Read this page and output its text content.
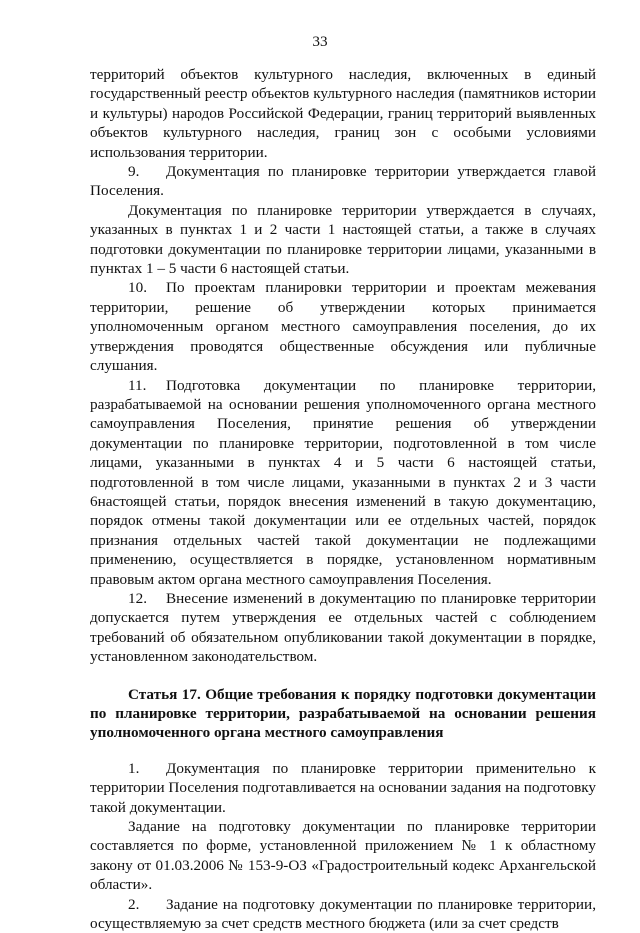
33

территорий объектов культурного наследия, включенных в единый государственный реестр объектов культурного наследия (памятников истории и культуры) народов Российской Федерации, границ территорий выявленных объектов культурного наследия, границ зон с особыми условиями использования территории.

9. Документация по планировке территории утверждается главой Поселения.

Документация по планировке территории утверждается в случаях, указанных в пунктах 1 и 2 части 1 настоящей статьи, а также в случаях подготовки документации по планировке территории лицами, указанными в пунктах 1 – 5 части 6 настоящей статьи.

10. По проектам планировки территории и проектам межевания территории, решение об утверждении которых принимается уполномоченным органом местного самоуправления поселения, до их утверждения проводятся общественные обсуждения или публичные слушания.

11. Подготовка документации по планировке территории, разрабатываемой на основании решения уполномоченного органа местного самоуправления Поселения, принятие решения об утверждении документации по планировке территории, подготовленной в том числе лицами, указанными в пунктах 4 и 5 части 6 настоящей статьи, подготовленной в том числе лицами, указанными в пунктах 2 и 3 части 6настоящей статьи, порядок внесения изменений в такую документацию, порядок отмены такой документации или ее отдельных частей, порядок признания отдельных частей такой документации не подлежащими применению, осуществляется в порядке, установленном нормативным правовым актом органа местного самоуправления Поселения.

12. Внесение изменений в документацию по планировке территории допускается путем утверждения ее отдельных частей с соблюдением требований об обязательном опубликовании такой документации в порядке, установленном законодательством.

Статья 17. Общие требования к порядку подготовки документации по планировке территории, разрабатываемой на основании решения уполномоченного органа местного самоуправления

1. Документация по планировке территории применительно к территории Поселения подготавливается на основании задания на подготовку такой документации.

Задание на подготовку документации по планировке территории составляется по форме, установленной приложением № 1 к областному закону от 01.03.2006 № 153-9-ОЗ «Градостроительный кодекс Архангельской области».

2. Задание на подготовку документации по планировке территории, осуществляемую за счет средств местного бюджета (или за счет средств
